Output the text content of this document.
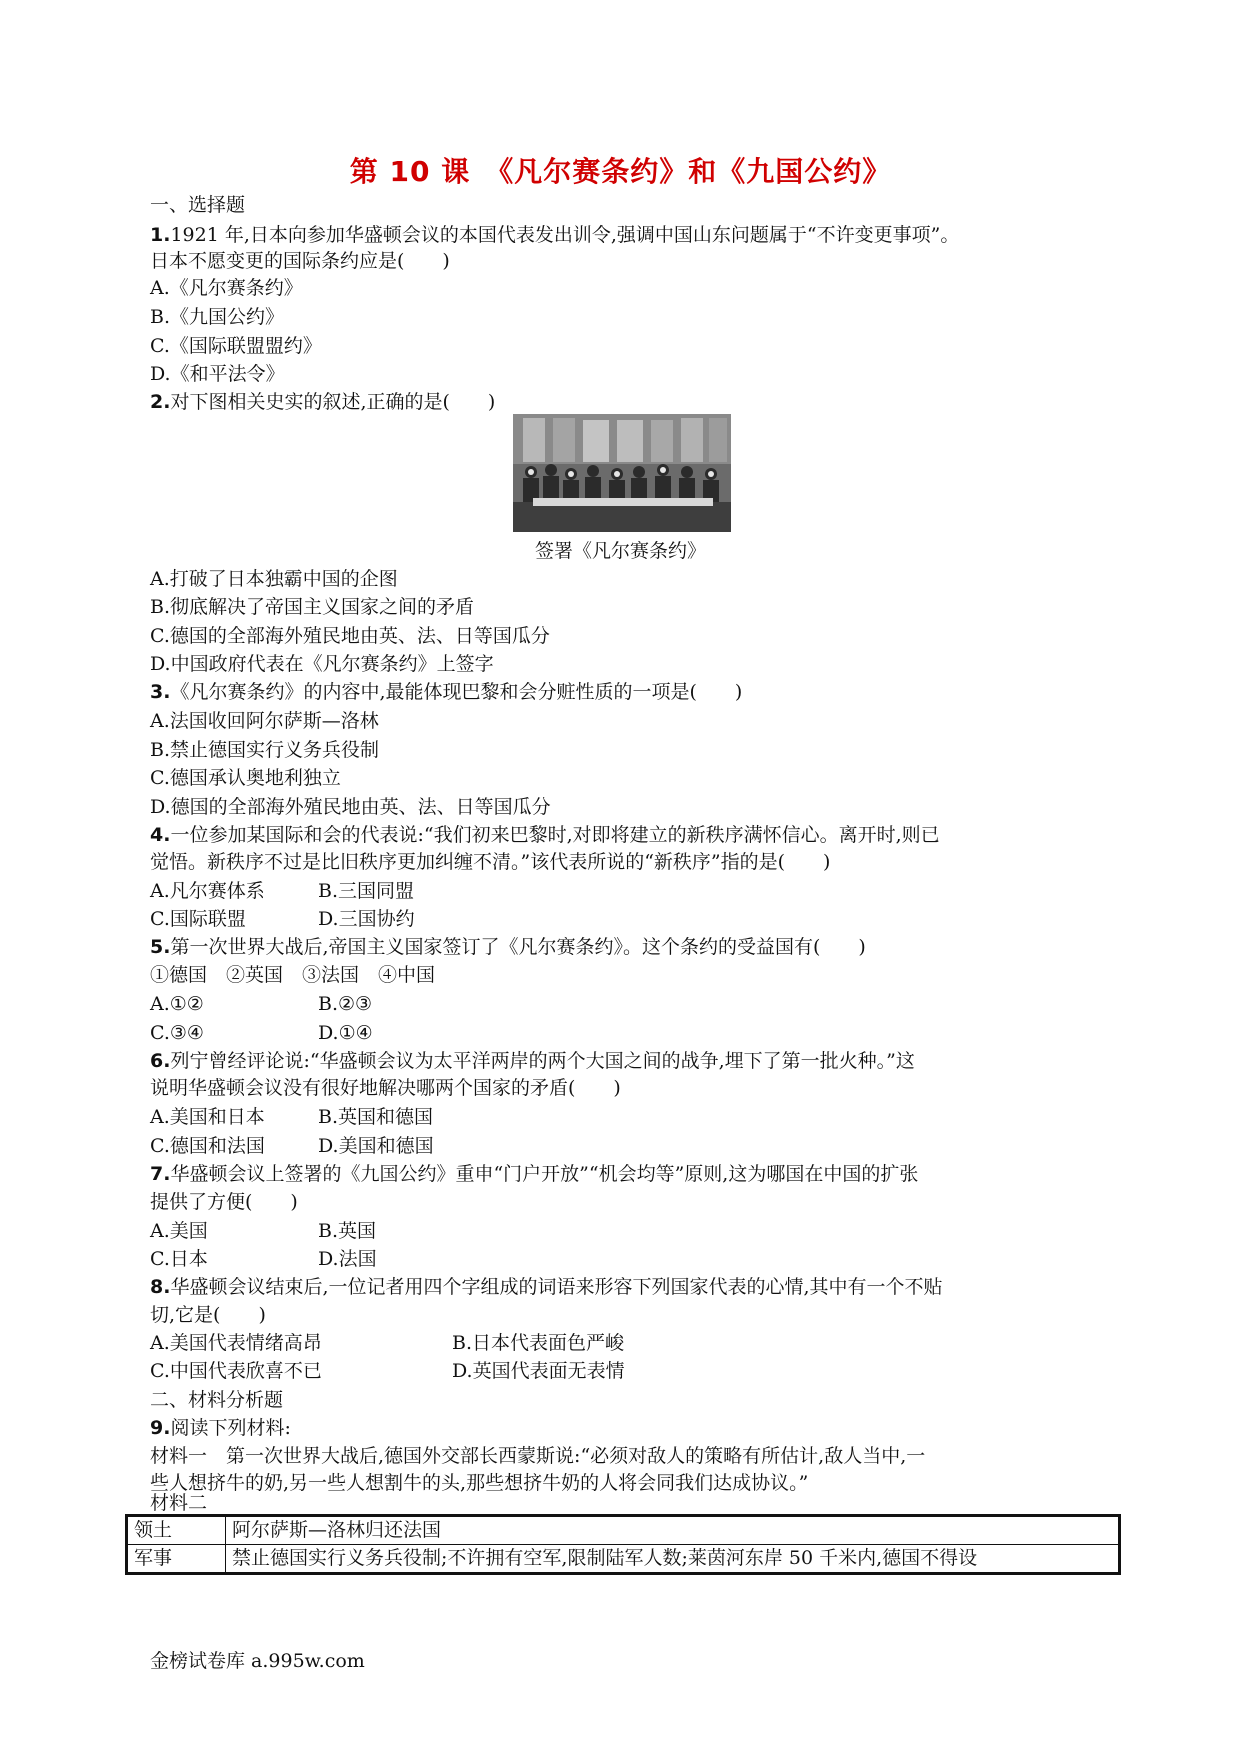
第 10 课　《凡尔赛条约》和《九国公约》
一、选择题
1.1921 年,日本向参加华盛顿会议的本国代表发出训令,强调中国山东问题属于“不许变更事项”。
日本不愿变更的国际条约应是(　　)
A.《凡尔赛条约》
B.《九国公约》
C.《国际联盟盟约》
D.《和平法令》
2.对下图相关史实的叙述,正确的是(　　)
签署《凡尔赛条约》
A.打破了日本独霸中国的企图
B.彻底解决了帝国主义国家之间的矛盾
C.德国的全部海外殖民地由英、法、日等国瓜分
D.中国政府代表在《凡尔赛条约》上签字
3.《凡尔赛条约》的内容中,最能体现巴黎和会分赃性质的一项是(　　)
A.法国收回阿尔萨斯—洛林
B.禁止德国实行义务兵役制
C.德国承认奥地利独立
D.德国的全部海外殖民地由英、法、日等国瓜分
4.一位参加某国际和会的代表说:“我们初来巴黎时,对即将建立的新秩序满怀信心。离开时,则已
觉悟。新秩序不过是比旧秩序更加纠缠不清。”该代表所说的“新秩序”指的是(　　)
A.凡尔赛体系	B.三国同盟
C.国际联盟	D.三国协约
5.第一次世界大战后,帝国主义国家签订了《凡尔赛条约》。这个条约的受益国有(　　)
①德国　②英国　③法国　④中国
A.①②	B.②③
C.③④	D.①④
6.列宁曾经评论说:“华盛顿会议为太平洋两岸的两个大国之间的战争,埋下了第一批火种。”这
说明华盛顿会议没有很好地解决哪两个国家的矛盾(　　)
A.美国和日本	B.英国和德国
C.德国和法国	D.美国和德国
7.华盛顿会议上签署的《九国公约》重申“门户开放”“机会均等”原则,这为哪国在中国的扩张
提供了方便(　　)
A.美国	B.英国
C.日本	D.法国
8.华盛顿会议结束后,一位记者用四个字组成的词语来形容下列国家代表的心情,其中有一个不贴
切,它是(　　)
A.美国代表情绪高昂	B.日本代表面色严峻
C.中国代表欣喜不已	D.英国代表面无表情
二、材料分析题
9.阅读下列材料:
材料一　第一次世界大战后,德国外交部长西蒙斯说:“必须对敌人的策略有所估计,敌人当中,一
些人想挤牛的奶,另一些人想割牛的头,那些想挤牛奶的人将会同我们达成协议。”
材料二
领土	阿尔萨斯—洛林归还法国
军事	禁止德国实行义务兵役制;不许拥有空军,限制陆军人数;莱茵河东岸 50 千米内,德国不得设
金榜试卷库 a.995w.com
